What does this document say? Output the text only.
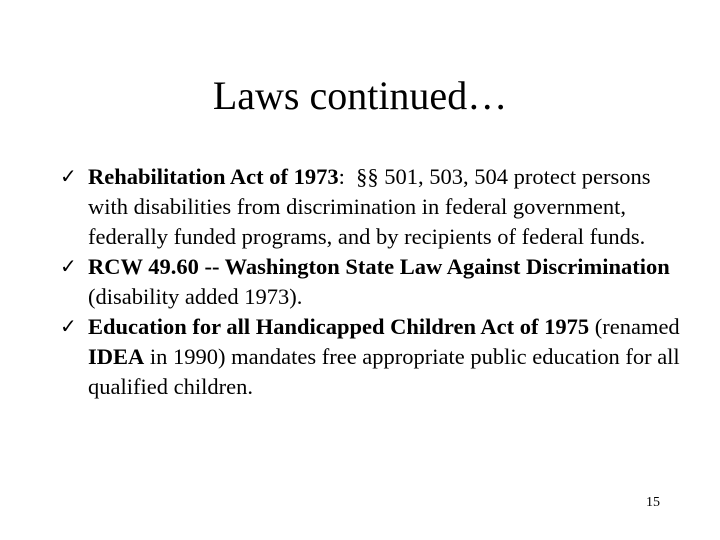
Laws continued…
✓ Rehabilitation Act of 1973:  §§ 501, 503, 504 protect persons with disabilities from discrimination in federal government, federally funded programs, and by recipients of federal funds.
✓ RCW 49.60 -- Washington State Law Against Discrimination (disability added 1973).
✓ Education for all Handicapped Children Act of 1975 (renamed IDEA in 1990) mandates free appropriate public education for all qualified children.
15
